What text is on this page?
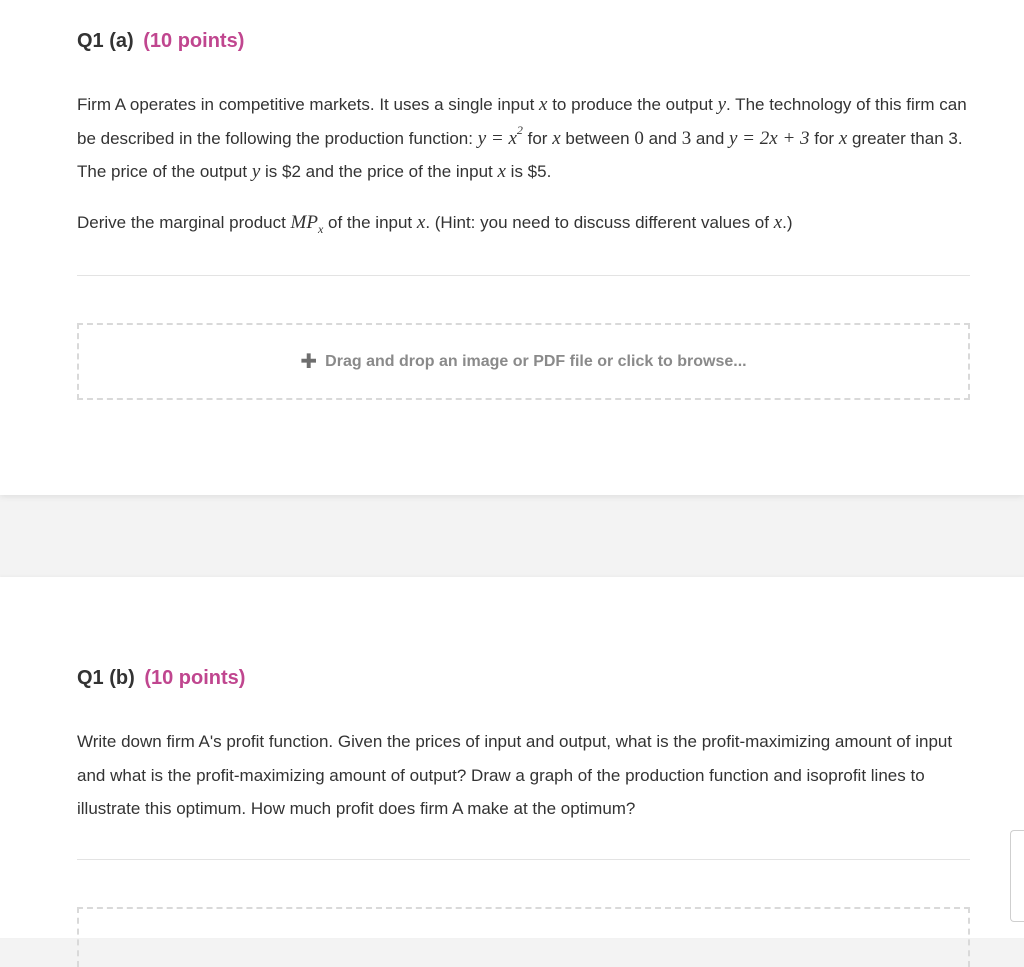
Q1 (a) (10 points)

Firm A operates in competitive markets. It uses a single input x to produce the output y. The technology of this firm can be described in the following the production function: $y = x^2$ for x between 0 and 3 and y = 2x + 3 for x greater than 3. The price of the output y is $2 and the price of the input x is $5.

Derive the marginal product $MP_x$ of the input x. (Hint: you need to discuss different values of x.)

✚ Drag and drop an image or PDF file or click to browse...
Q1 (b) (10 points)

Write down firm A's profit function. Given the prices of input and output, what is the profit-maximizing amount of input and what is the profit-maximizing amount of output? Draw a graph of the production function and isoprofit lines to illustrate this optimum. How much profit does firm A make at the optimum?
